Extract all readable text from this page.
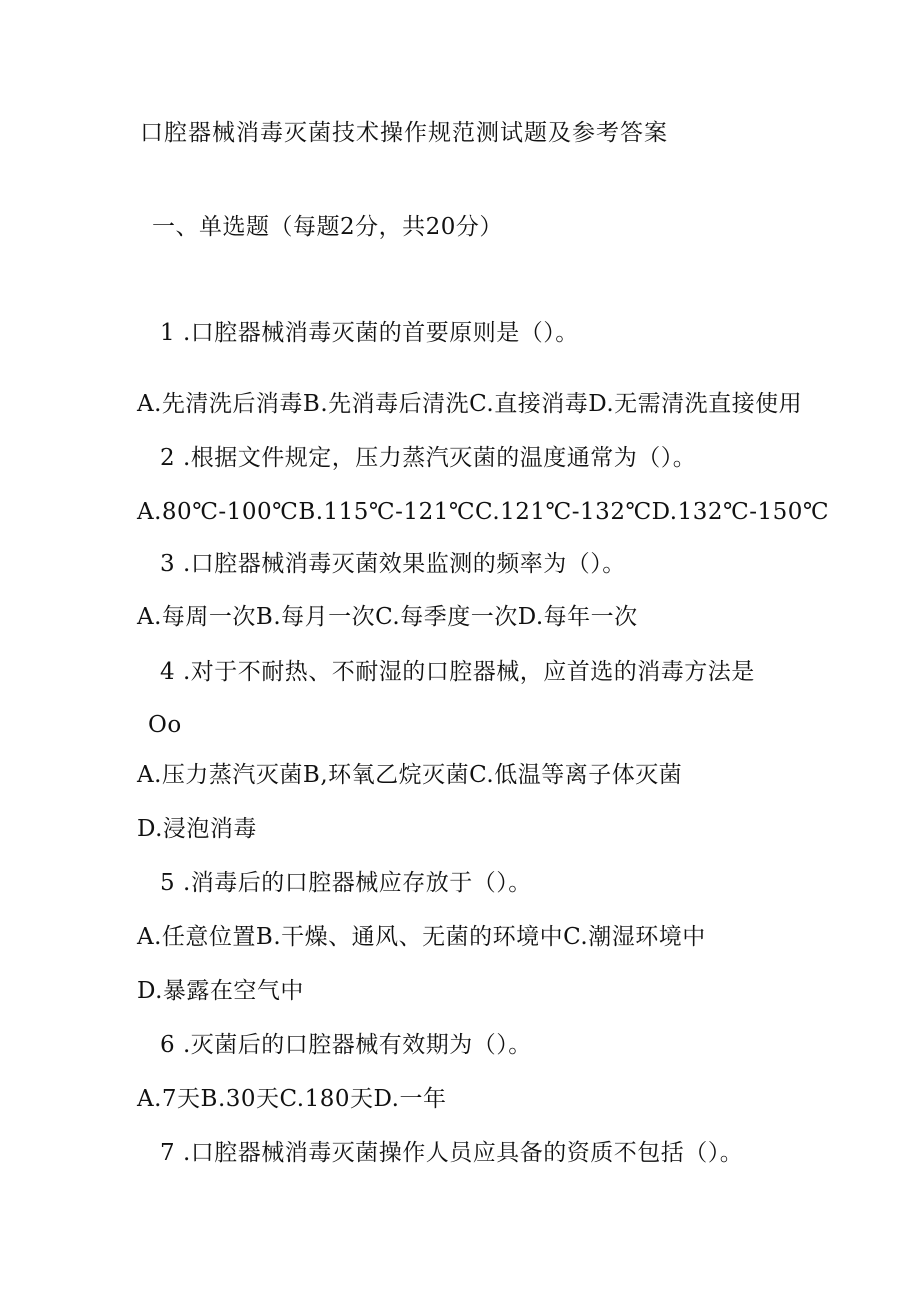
口腔器械消毒灭菌技术操作规范测试题及参考答案
一、单选题（每题2分，共20分）
1 .口腔器械消毒灭菌的首要原则是（）。
A.先清洗后消毒B.先消毒后清洗C.直接消毒D.无需清洗直接使用
2 .根据文件规定，压力蒸汽灭菌的温度通常为（）。
A.80℃-100℃B.115℃-121℃C.121℃-132℃D.132℃-150℃
3 .口腔器械消毒灭菌效果监测的频率为（）。
A.每周一次B.每月一次C.每季度一次D.每年一次
4 .对于不耐热、不耐湿的口腔器械，应首选的消毒方法是
Oo
A.压力蒸汽灭菌B,环氧乙烷灭菌C.低温等离子体灭菌
D.浸泡消毒
5 .消毒后的口腔器械应存放于（）。
A.任意位置B.干燥、通风、无菌的环境中C.潮湿环境中
D.暴露在空气中
6 .灭菌后的口腔器械有效期为（）。
A.7天B.30天C.180天D.一年
7 .口腔器械消毒灭菌操作人员应具备的资质不包括（）。
